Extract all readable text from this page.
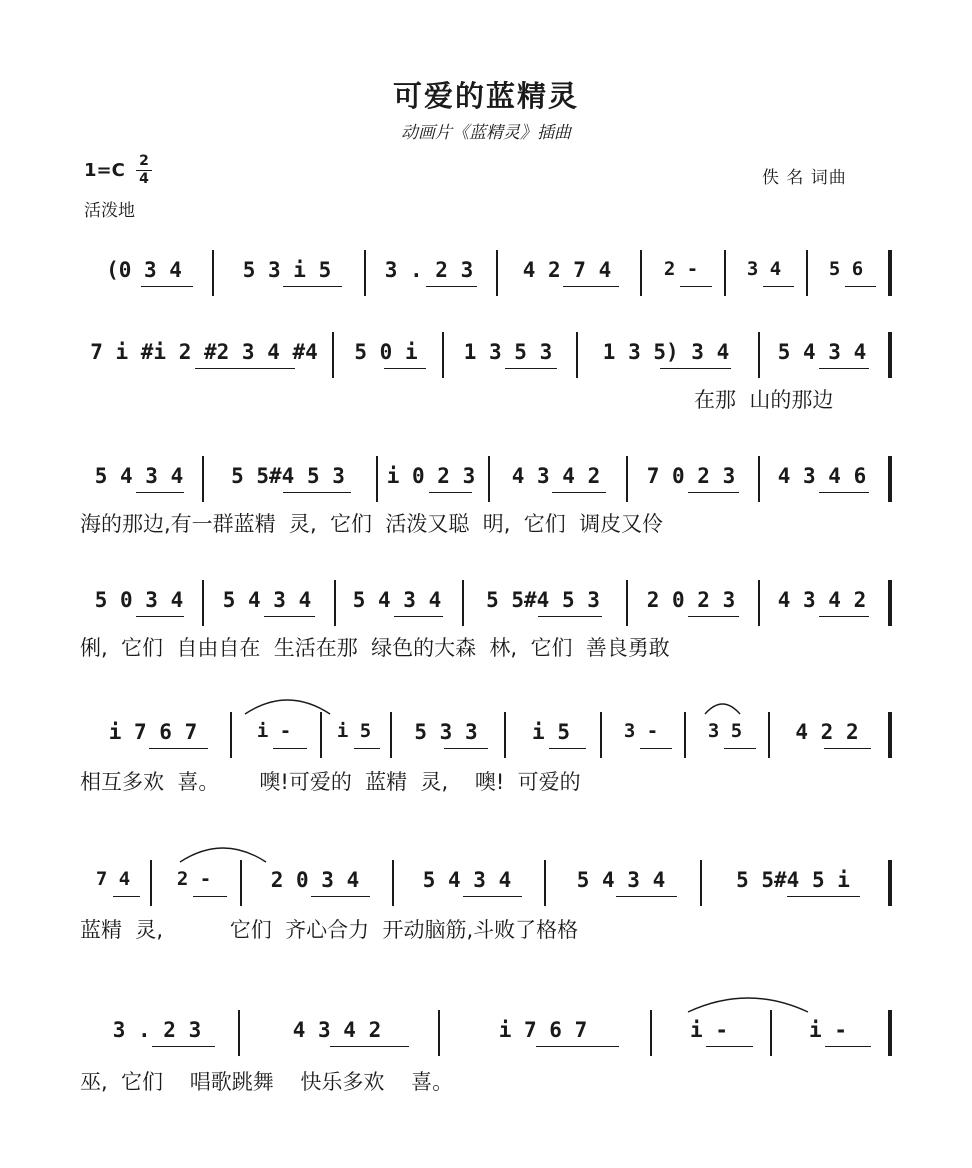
可爱的蓝精灵
动画片《蓝精灵》插曲
1=C 2
4
活泼地
佚 名 词曲
(0 3 4	5 3 i 5	3 . 2 3	4 2 7 4	2 -	3 4	5 6
7 i #i 2 #2 3 4 #4	5 0 i	1 3 5 3	1 3 5) 3 4	5 4 3 4
在那  山的那边
5 4 3 4	5 5#4 5 3	i 0 2 3	4 3 4 2	7 0 2 3	4 3 4 6
海的那边,有一群蓝精  灵,  它们  活泼又聪  明,  它们  调皮又伶
5 0 3 4	5 4 3 4	5 4 3 4	5 5#4 5 3	2 0 2 3	4 3 4 2
俐,  它们  自由自在  生活在那  绿色的大森  林,  它们  善良勇敢
i 7 6 7	i -	i 5	5 3 3	i 5	3 -	3 5	4 2 2
相互多欢  喜。      噢!可爱的  蓝精  灵,    噢!  可爱的
7 4	2 -	2 0 3 4	5 4 3 4	5 4 3 4	5 5#4 5 i
蓝精  灵,          它们  齐心合力  开动脑筋,斗败了格格
3 . 2 3	4 3 4 2	i 7 6 7	i -	i -
巫,  它们    唱歌跳舞    快乐多欢    喜。
